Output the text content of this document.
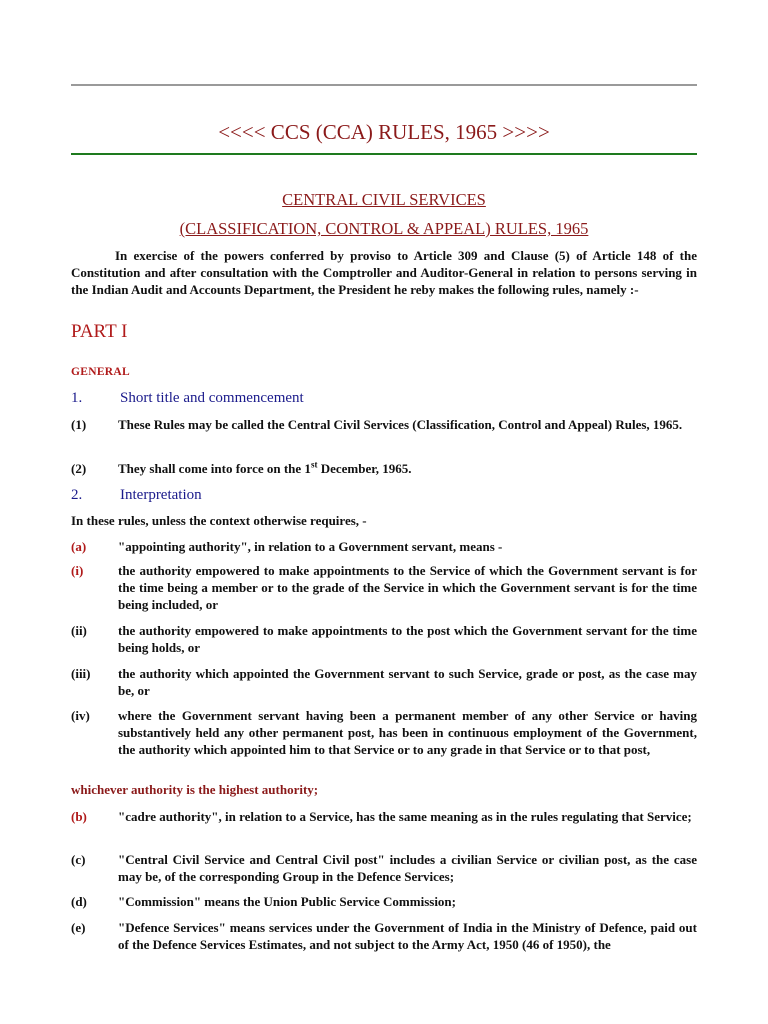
<<<< CCS (CCA) RULES, 1965 >>>>
CENTRAL CIVIL SERVICES
(CLASSIFICATION, CONTROL & APPEAL) RULES, 1965
In exercise of the powers conferred by proviso to Article 309 and Clause (5) of Article 148 of the Constitution and after consultation with the Comptroller and Auditor-General in relation to persons serving in the Indian Audit and Accounts Department, the President he reby makes the following rules, namely :-
PART I
GENERAL
1.	Short title and commencement
(1) These Rules may be called the Central Civil Services (Classification, Control and Appeal) Rules, 1965.
(2) They shall come into force on the 1st December, 1965.
2.	Interpretation
In these rules, unless the context otherwise requires, -
(a) "appointing authority", in relation to a Government servant, means -
(i)	the authority empowered to make appointments to the Service of which the Government servant is for the time being a member or to the grade of the Service in which the Government servant is for the time being included, or
(ii) the authority empowered to make appointments to the post which the Government servant for the time being holds, or
(iii) the authority which appointed the Government servant to such Service, grade or post, as the case may be, or
(iv) where the Government servant having been a permanent member of any other Service or having substantively held any other permanent post, has been in continuous employment of the Government, the authority which appointed him to that Service or to any grade in that Service or to that post,
whichever authority is the highest authority;
(b) "cadre authority", in relation to a Service, has the same meaning as in the rules regulating that Service;
(c)	"Central Civil Service and Central Civil post" includes a civilian Service or civilian post, as the case may be, of the corresponding Group in the Defence Services;
(d) "Commission" means the Union Public Service Commission;
(e)	"Defence Services" means services under the Government of India in the Ministry of Defence, paid out of the Defence Services Estimates, and not subject to the Army Act, 1950 (46 of 1950), the
